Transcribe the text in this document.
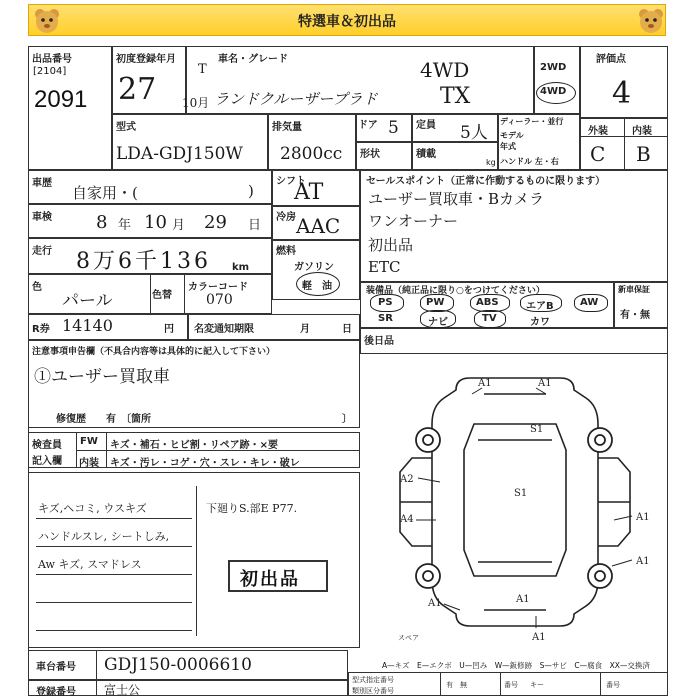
特選車＆初出品
出品番号
[2104]
2091
初度登録年月
27 10月
車名・グレード
T
ランドクルーザープラド
4WD
TX
2WD
4WD
評価点
4
型式
LDA-GDJ150W
排気量
2800cc
ドア 5 定員 5人
形状	積載
kg
ディーラー・並行
モデル
年式
ハンドル 左・右
外装 内装
C B
車歴
自家用・(	)
車検 8 年 10 月 29 日
走行 8万6千136 km
シフト
AT
冷房 AAC
燃料
ガソリン
軽　油
色
パール	色替
カラーコード
070
R券 14140	円 名変通知期限	月	日
セールスポイント（正常に作動するものに限ります）
ユーザー買取車・Bカメラ
ワンオーナー
初出品
ETC
装備品（純正品に限り○をつけてください）
PS	PW	ABS	エアB	AW
SR	ナビ	TV	カワ
新車保証
有・無
後日品
注意事項申告欄（不具合内容等は具体的に記入して下さい）
①ユーザー買取車
修復歴　　有　〔箇所	〕
検査員
記入欄
FW キズ・補石・ヒビ割・リペア跡・×要
内装 キズ・汚レ・コゲ・穴・スレ・キレ・破レ
キズ,ヘコミ, ウスキズ
ハンドルスレ, シートしみ,
Aw キズ, スマドレス
下廻りS.部E P77.
初出品
A1	A1
S1
A2
S1
A4	A1
A1
A1
A1
A1
スペア
車台番号 GDJ150-0006610
登録番号 富士公
A—キズ　E—エクボ　U—凹み　W—鈑修跡　S—サビ　C—腐食　XX—交換済
型式指定番号
類別区分番号
番号
有　無	キー	番号
